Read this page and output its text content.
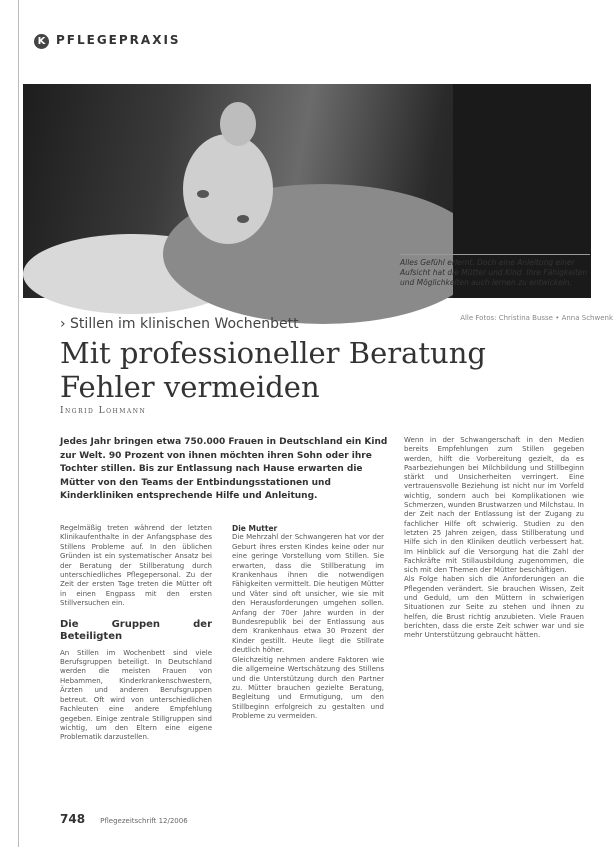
K PFLEGEPRAXIS
Alle Fotos: Christina Busse • Anna Schwenk
Alles Gefühl erlernt. Doch eine Anleitung einer Aufsicht hat die Mütter und Kind. Ihre Fähigkeiten und Möglichkeiten auch lernen zu entwickeln.
› Stillen im klinischen Wochenbett
Mit professioneller Beratung Fehler vermeiden
Ingrid Lohmann

Jedes Jahr bringen etwa 750.000 Frauen in Deutschland ein Kind zur Welt. 90 Prozent von ihnen möchten ihren Sohn oder ihre Tochter stillen. Bis zur Entlassung nach Hause erwarten die Mütter von den Teams der Entbindungsstationen und Kinderkliniken entsprechende Hilfe und Anleitung.

Regelmäßig treten während der letzten Klinikaufenthalte in der Anfangsphase des Stillens Probleme auf. In den üblichen Gründen ist ein systematischer Ansatz bei der Beratung der Stillberatung durch unterschiedliches Pflegepersonal. Zu der Zeit der ersten Tage treten die Mütter oft in einen Engpass mit den ersten Stillversuchen ein.

Die Gruppen der Beteiligten

An Stillen im Wochenbett sind viele Berufsgruppen beteiligt. In Deutschland werden die meisten Frauen von Hebammen, Kinderkrankenschwestern, Ärzten und anderen Berufsgruppen betreut. Oft wird von unterschiedlichen Fachleuten eine andere Empfehlung gegeben. Einige zentrale Stillgruppen sind wichtig, um den Eltern eine eigene Problematik darzustellen.

Die Mutter

Die Mehrzahl der Schwangeren hat vor der Geburt ihres ersten Kindes keine oder nur eine geringe Vorstellung vom Stillen. Sie erwarten, dass die Stillberatung im Krankenhaus ihnen die notwendigen Fähigkeiten vermittelt. Die heutigen Mütter und Väter sind oft unsicher, wie sie mit den Herausforderungen umgehen sollen. Anfang der 70er Jahre wurden in der Bundesrepublik bei der Entlassung aus dem Krankenhaus etwa 30 Prozent der Kinder gestillt. Heute liegt die Stillrate deutlich höher.

Gleichzeitig nehmen andere Faktoren wie die allgemeine Wertschätzung des Stillens und die Unterstützung durch den Partner zu. Mütter brauchen gezielte Beratung, Begleitung und Ermutigung, um den Stillbeginn erfolgreich zu gestalten und Probleme zu vermeiden.

Wenn in der Schwangerschaft in den Medien bereits Empfehlungen zum Stillen gegeben werden, hilft die Vorbereitung gezielt, da es Paarbeziehungen bei Milchbildung und Stillbeginn stärkt und Unsicherheiten verringert. Eine vertrauensvolle Beziehung ist nicht nur im Vorfeld wichtig, sondern auch bei Komplikationen wie Schmerzen, wunden Brustwarzen und Milchstau. In der Zeit nach der Entlassung ist der Zugang zu fachlicher Hilfe oft schwierig. Studien zu den letzten 25 Jahren zeigen, dass Stillberatung und Hilfe sich in den Kliniken deutlich verbessert hat. Im Hinblick auf die Versorgung hat die Zahl der Fachkräfte mit Stillausbildung zugenommen, die sich mit den Themen der Mütter beschäftigen.

Als Folge haben sich die Anforderungen an die Pflegenden verändert. Sie brauchen Wissen, Zeit und Geduld, um den Müttern in schwierigen Situationen zur Seite zu stehen und ihnen zu helfen, die Brust richtig anzubieten. Viele Frauen berichten, dass die erste Zeit schwer war und sie mehr Unterstützung gebraucht hätten.

748 Pflegezeitschrift 12/2006
